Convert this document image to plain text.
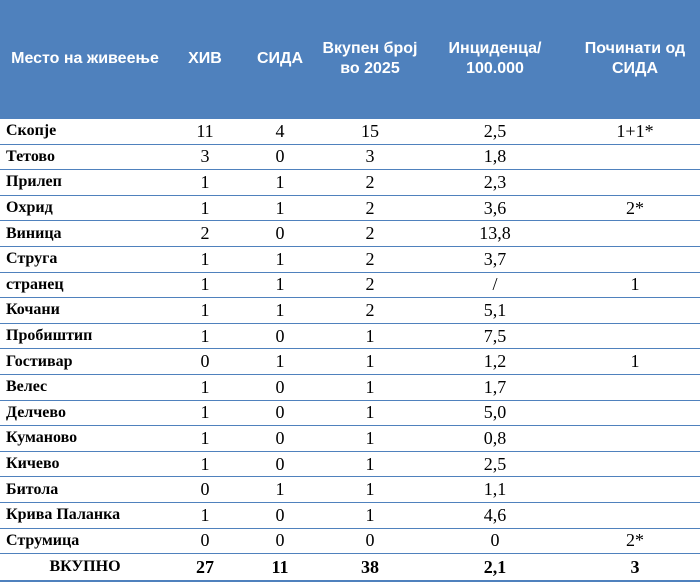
Место на живеење	ХИВ	СИДА	Вкупен број во 2025	Инциденца/ 100.000	Починати од СИДА
Скопје	11	4	15	2,5	1+1*
Тетово	3	0	3	1,8	
Прилеп	1	1	2	2,3	
Охрид	1	1	2	3,6	2*
Виница	2	0	2	13,8	
Струга	1	1	2	3,7	
странец	1	1	2	/	1
Кочани	1	1	2	5,1	
Пробиштип	1	0	1	7,5	
Гостивар	0	1	1	1,2	1
Велес	1	0	1	1,7	
Делчево	1	0	1	5,0	
Куманово	1	0	1	0,8	
Кичево	1	0	1	2,5	
Битола	0	1	1	1,1	
Крива Паланка	1	0	1	4,6	
Струмица	0	0	0	0	2*
ВКУПНО	27	11	38	2,1	3
